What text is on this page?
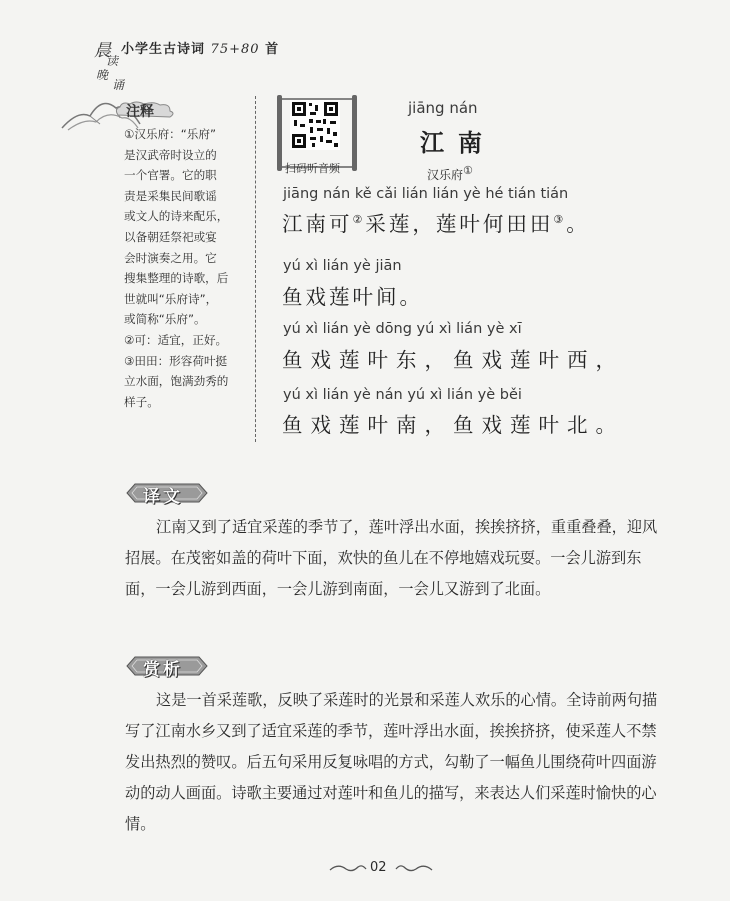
晨
读
晚
诵
小学生古诗词 75+80 首
注释

①汉乐府：“乐府”

是汉武帝时设立的

一个官署。它的职

责是采集民间歌谣

或文人的诗来配乐，

以备朝廷祭祀或宴

会时演奏之用。它

搜集整理的诗歌，后

世就叫“乐府诗”，

或简称“乐府”。

②可：适宜，正好。

③田田：形容荷叶挺

立水面，饱满劲秀的

样子。

扫码听音频
jiāng nán
江南
汉乐府①
jiāng nán kě cǎi lián lián yè hé tián tián
江南可②采莲，莲叶何田田③。
yú xì lián yè jiān
鱼戏莲叶间。
yú xì lián yè dōng yú xì lián yè xī
鱼戏莲叶东，鱼戏莲叶西，
yú xì lián yè nán yú xì lián yè běi
鱼戏莲叶南，鱼戏莲叶北。
译文

江南又到了适宜采莲的季节了，莲叶浮出水面，挨挨挤挤，重重叠叠，迎风招展。在茂密如盖的荷叶下面，欢快的鱼儿在不停地嬉戏玩耍。一会儿游到东面，一会儿游到西面，一会儿游到南面，一会儿又游到了北面。

赏析

这是一首采莲歌，反映了采莲时的光景和采莲人欢乐的心情。全诗前两句描写了江南水乡又到了适宜采莲的季节，莲叶浮出水面，挨挨挤挤，使采莲人不禁发出热烈的赞叹。后五句采用反复咏唱的方式，勾勒了一幅鱼儿围绕荷叶四面游动的动人画面。诗歌主要通过对莲叶和鱼儿的描写，来表达人们采莲时愉快的心情。

02
